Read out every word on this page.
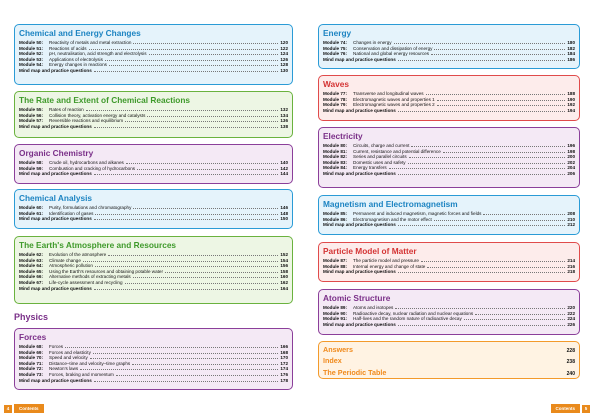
Chemical and Energy Changes
Module 50:	Reactivity of metals and metal extraction	120
Module 51:	Reactions of acids	122
Module 52:	pH, neutralisation, acid strength and electrolysis	124
Module 53:	Applications of electrolysis	126
Module 54:	Energy changes in reactions	128
Mind map and practice questions	130
The Rate and Extent of Chemical Reactions
Module 55:	Rates of reaction	132
Module 56:	Collision theory, activation energy and catalysts	134
Module 57:	Reversible reactions and equilibrium	136
Mind map and practice questions	138
Organic Chemistry
Module 58:	Crude oil, hydrocarbons and alkanes	140
Module 59:	Combustion and cracking of hydrocarbons	142
Mind map and practice questions	144
Chemical Analysis
Module 60:	Purity, formulations and chromatography	146
Module 61:	Identification of gases	148
Mind map and practice questions	150
The Earth's Atmosphere and Resources
Module 62:	Evolution of the atmosphere	152
Module 63:	Climate change	154
Module 64:	Atmospheric pollution	156
Module 65:	Using the Earth's resources and obtaining potable water	158
Module 66:	Alternative methods of extracting metals	160
Module 67:	Life-cycle assessment and recycling	162
Mind map and practice questions	164
Physics
Forces
Module 68:	Forces	166
Module 69:	Forces and elasticity	168
Module 70:	Speed and velocity	170
Module 71:	Distance–time and velocity–time graphs	172
Module 72:	Newton's laws	174
Module 73:	Forces, braking and momentum	176
Mind map and practice questions	178
4	Contents
Energy
Module 74:	Changes in energy	180
Module 75:	Conservation and dissipation of energy	182
Module 76:	National and global energy resources	184
Mind map and practice questions	186
Waves
Module 77:	Transverse and longitudinal waves	188
Module 78:	Electromagnetic waves and properties 1	190
Module 79:	Electromagnetic waves and properties 2	192
Mind map and practice questions	194
Electricity
Module 80:	Circuits, charge and current	196
Module 81:	Current, resistance and potential difference	198
Module 82:	Series and parallel circuits	200
Module 83:	Domestic uses and safety	202
Module 84:	Energy transfers	204
Mind map and practice questions	206
Magnetism and Electromagnetism
Module 85:	Permanent and induced magnetism, magnetic forces and fields	208
Module 86:	Electromagnetism and the motor effect	210
Mind map and practice questions	212
Particle Model of Matter
Module 87:	The particle model and pressure	214
Module 88:	Internal energy and change of state	216
Mind map and practice questions	218
Atomic Structure
Module 89:	Atoms and isotopes	220
Module 90:	Radioactive decay, nuclear radiation and nuclear equations	222
Module 91:	Half-lives and the random nature of radioactive decay	224
Mind map and practice questions	226
Answers	228
Index	238
The Periodic Table	240
Contents	5
